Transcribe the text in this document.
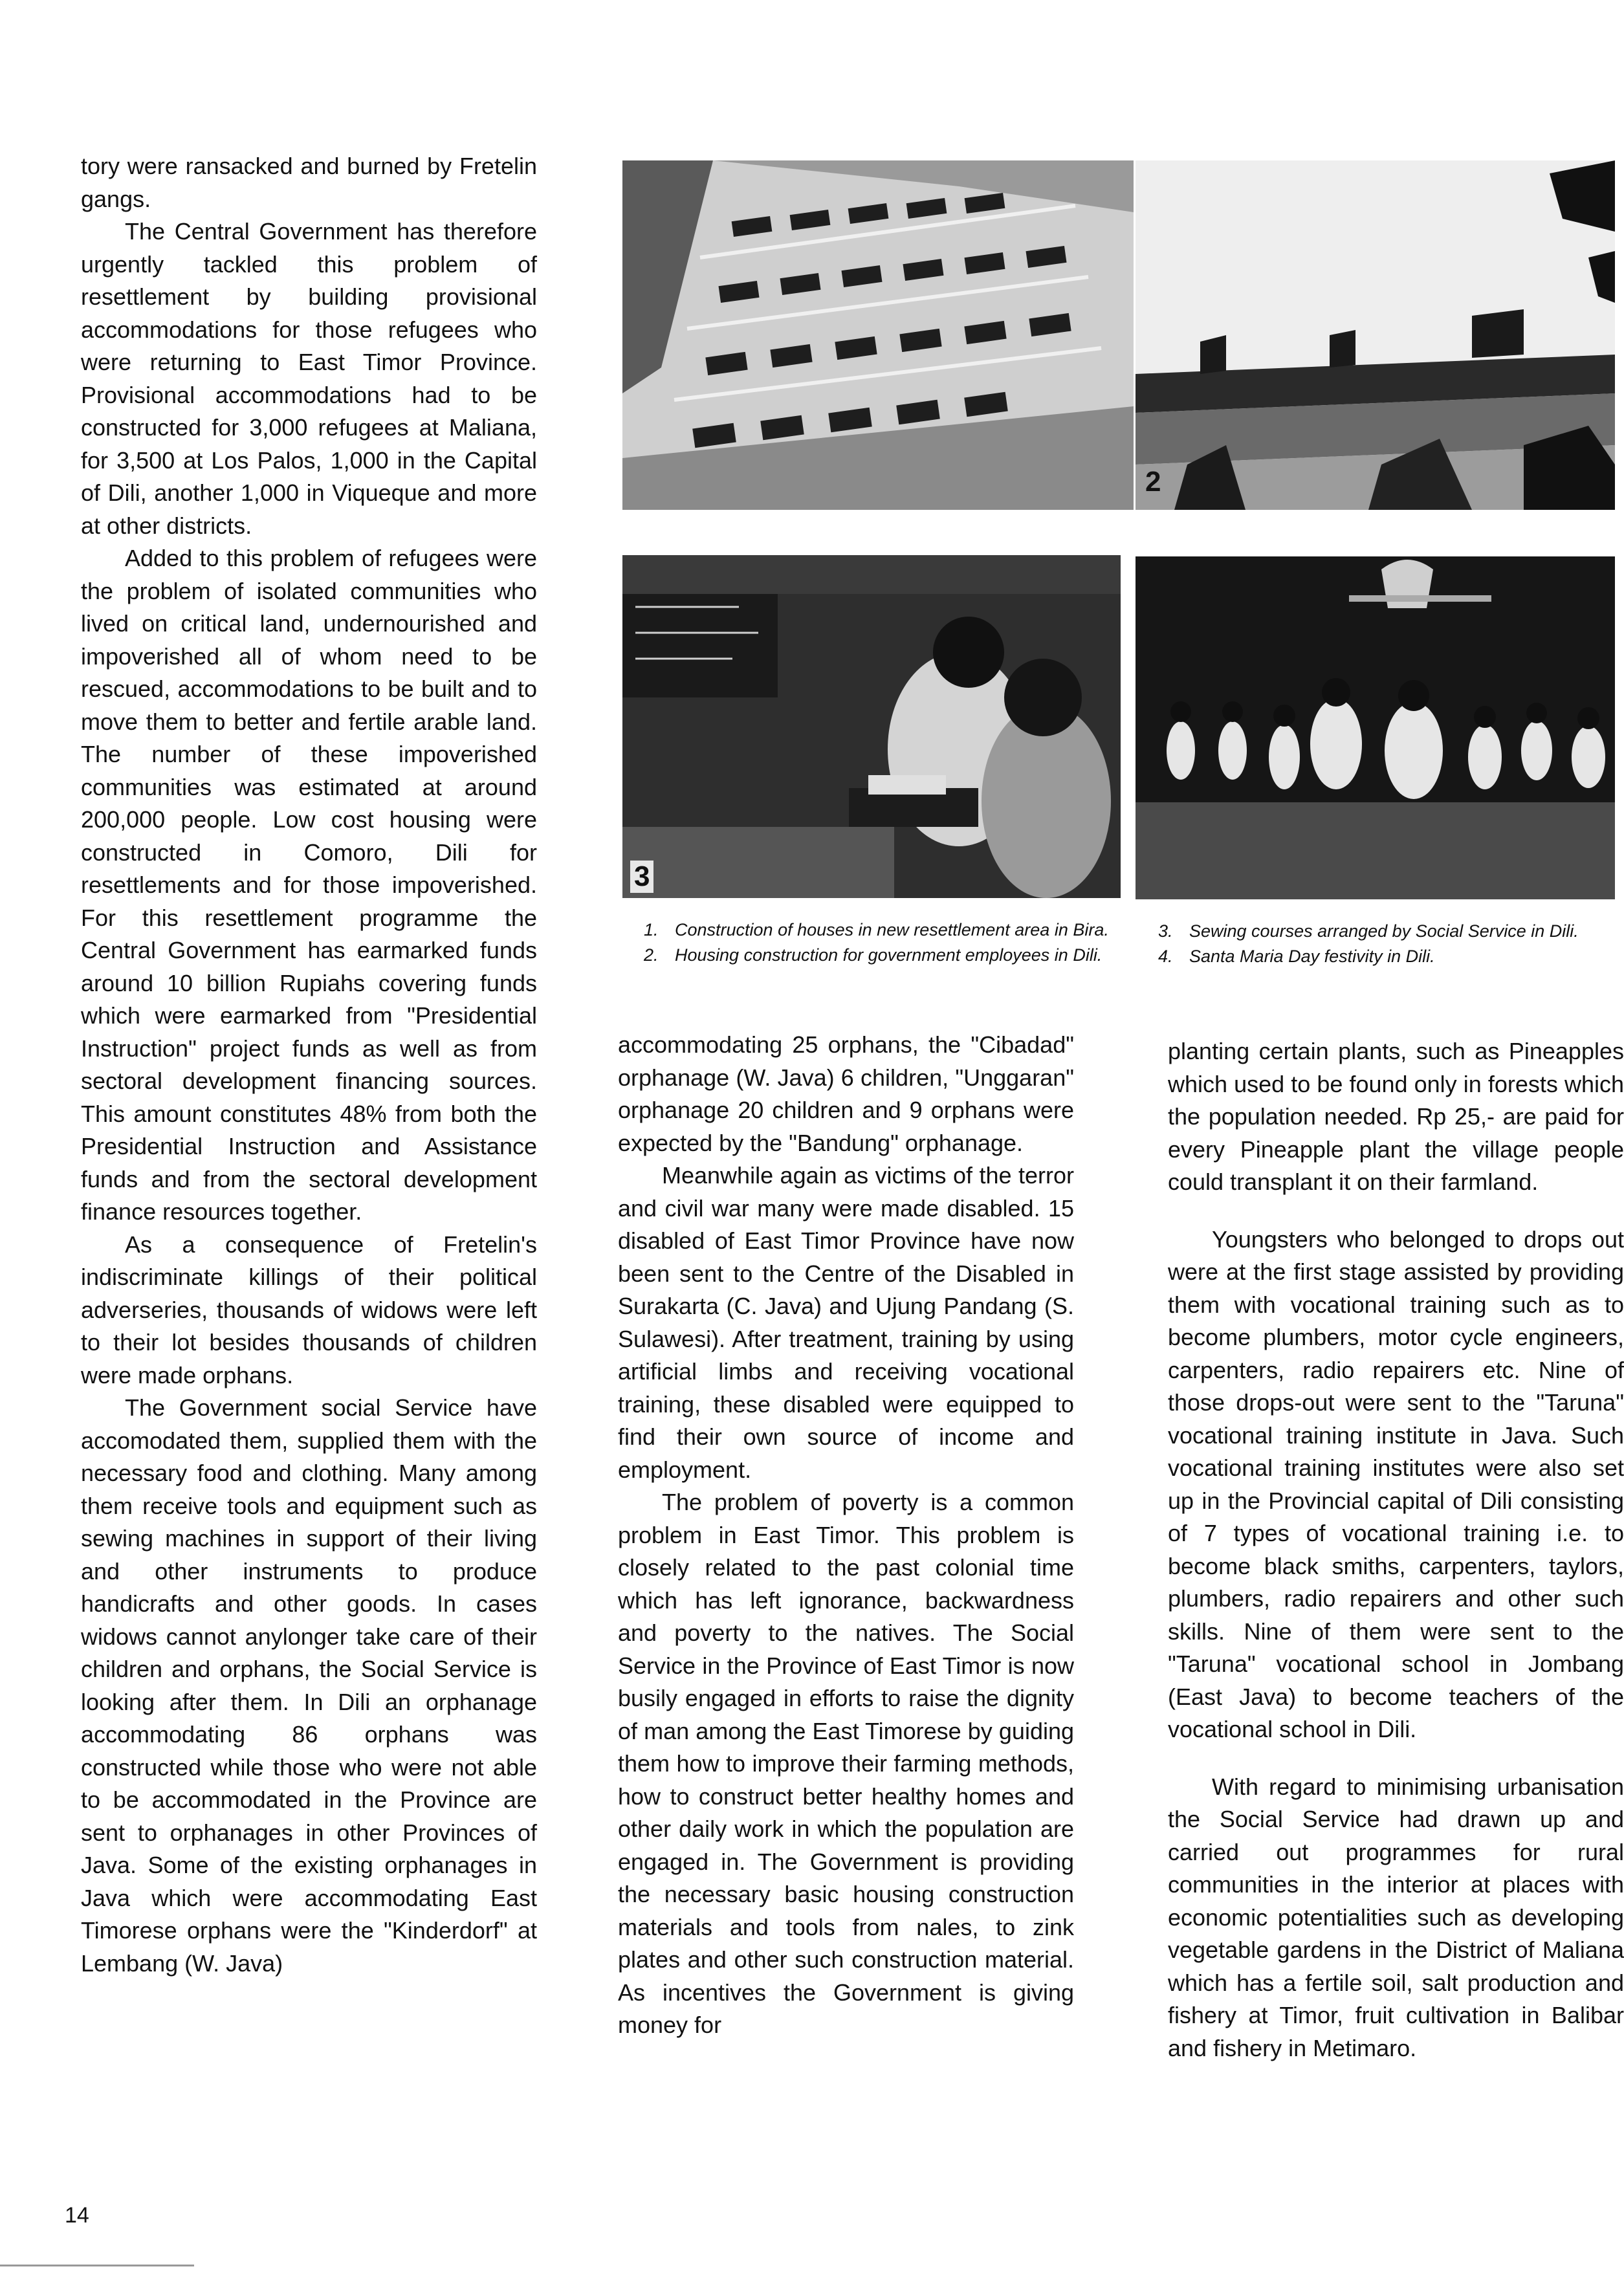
tory were ransacked and burned by Fretelin gangs.

The Central Government has therefore urgently tackled this problem of resettlement by building provisional accommodations for those refugees who were returning to East Timor Province. Provisional accommodations had to be constructed for 3,000 refugees at Maliana, for 3,500 at Los Palos, 1,000 in the Capital of Dili, another 1,000 in Viqueque and more at other districts.

Added to this problem of refugees were the problem of isolated communities who lived on critical land, undernourished and impoverished all of whom need to be rescued, accommodations to be built and to move them to better and fertile arable land. The number of these impoverished communities was estimated at around 200,000 people. Low cost housing were constructed in Comoro, Dili for resettlements and for those impoverished. For this resettlement programme the Central Government has earmarked funds around 10 billion Rupiahs covering funds which were earmarked from "Presidential Instruction" project funds as well as from sectoral development financing sources. This amount constitutes 48% from both the Presidential Instruction and Assistance funds and from the sectoral development finance resources together.

As a consequence of Fretelin's indiscriminate killings of their political adverseries, thousands of widows were left to their lot besides thousands of children were made orphans.

The Government social Service have accomodated them, supplied them with the necessary food and clothing. Many among them receive tools and equipment such as sewing machines in support of their living and other instruments to produce handicrafts and other goods. In cases widows cannot anylonger take care of their children and orphans, the Social Service is looking after them. In Dili an orphanage accommodating 86 orphans was constructed while those who were not able to be accommodated in the Province are sent to orphanages in other Provinces of Java. Some of the existing orphanages in Java which were accommodating East Timorese orphans were the "Kinderdorf" at Lembang (W. Java)

2
3
1. Construction of houses in new resettlement area in Bira.
2. Housing construction for government employees in Dili.
3. Sewing courses arranged by Social Service in Dili.
4. Santa Maria Day festivity in Dili.

accommodating 25 orphans, the "Cibadad" orphanage (W. Java) 6 children, "Unggaran" orphanage 20 children and 9 orphans were expected by the "Bandung" orphanage.

Meanwhile again as victims of the terror and civil war many were made disabled. 15 disabled of East Timor Province have now been sent to the Centre of the Disabled in Surakarta (C. Java) and Ujung Pandang (S. Sulawesi). After treatment, training by using artificial limbs and receiving vocational training, these disabled were equipped to find their own source of income and employment.

The problem of poverty is a common problem in East Timor. This problem is closely related to the past colonial time which has left ignorance, backwardness and poverty to the natives. The Social Service in the Province of East Timor is now busily engaged in efforts to raise the dignity of man among the East Timorese by guiding them how to improve their farming methods, how to construct better healthy homes and other daily work in which the population are engaged in. The Government is providing the necessary basic housing construction materials and tools from nales, to zink plates and other such construction material. As incentives the Government is giving money for

planting certain plants, such as Pineapples which used to be found only in forests which the population needed. Rp 25,- are paid for every Pineapple plant the village people could transplant it on their farmland.

Youngsters who belonged to drops out were at the first stage assisted by providing them with vocational training such as to become plumbers, motor cycle engineers, carpenters, radio repairers etc. Nine of those drops-out were sent to the "Taruna" vocational training institute in Java. Such vocational training institutes were also set up in the Provincial capital of Dili consisting of 7 types of vocational training i.e. to become black smiths, carpenters, taylors, plumbers, radio repairers and other such skills. Nine of them were sent to the "Taruna" vocational school in Jombang (East Java) to become teachers of the vocational school in Dili.

With regard to minimising urbanisation the Social Service had drawn up and carried out programmes for rural communities in the interior at places with economic potentialities such as developing vegetable gardens in the District of Maliana which has a fertile soil, salt production and fishery at Timor, fruit cultivation in Balibar and fishery in Metimaro.

14
